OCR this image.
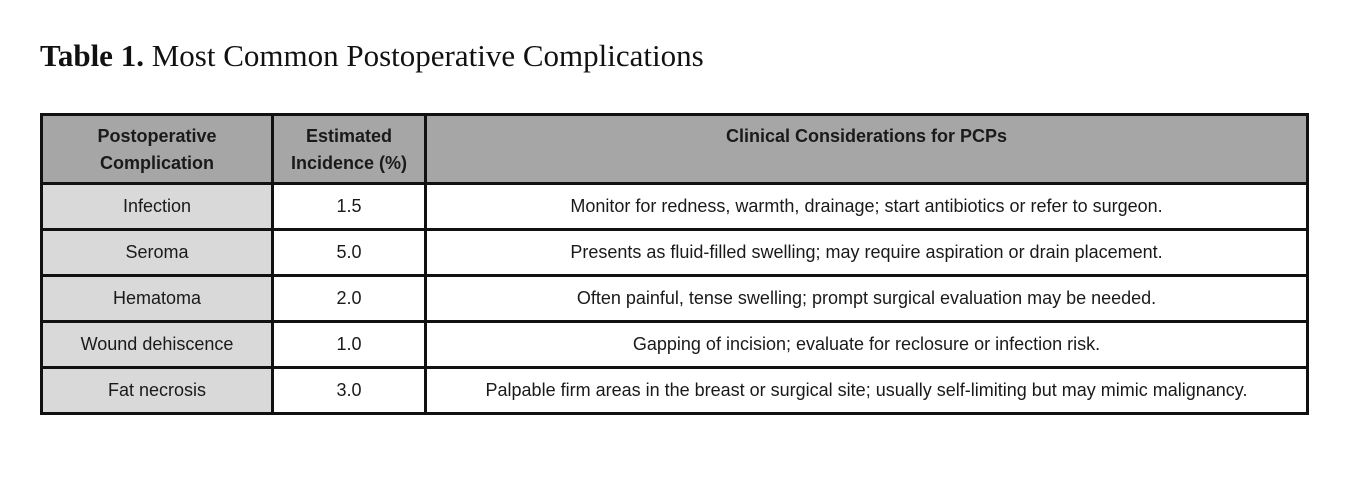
Table 1. Most Common Postoperative Complications
Postoperative Complication	Estimated Incidence (%)	Clinical Considerations for PCPs
Infection	1.5	Monitor for redness, warmth, drainage; start antibiotics or refer to surgeon.
Seroma	5.0	Presents as fluid-filled swelling; may require aspiration or drain placement.
Hematoma	2.0	Often painful, tense swelling; prompt surgical evaluation may be needed.
Wound dehiscence	1.0	Gapping of incision; evaluate for reclosure or infection risk.
Fat necrosis	3.0	Palpable firm areas in the breast or surgical site; usually self-limiting but may mimic malignancy.
